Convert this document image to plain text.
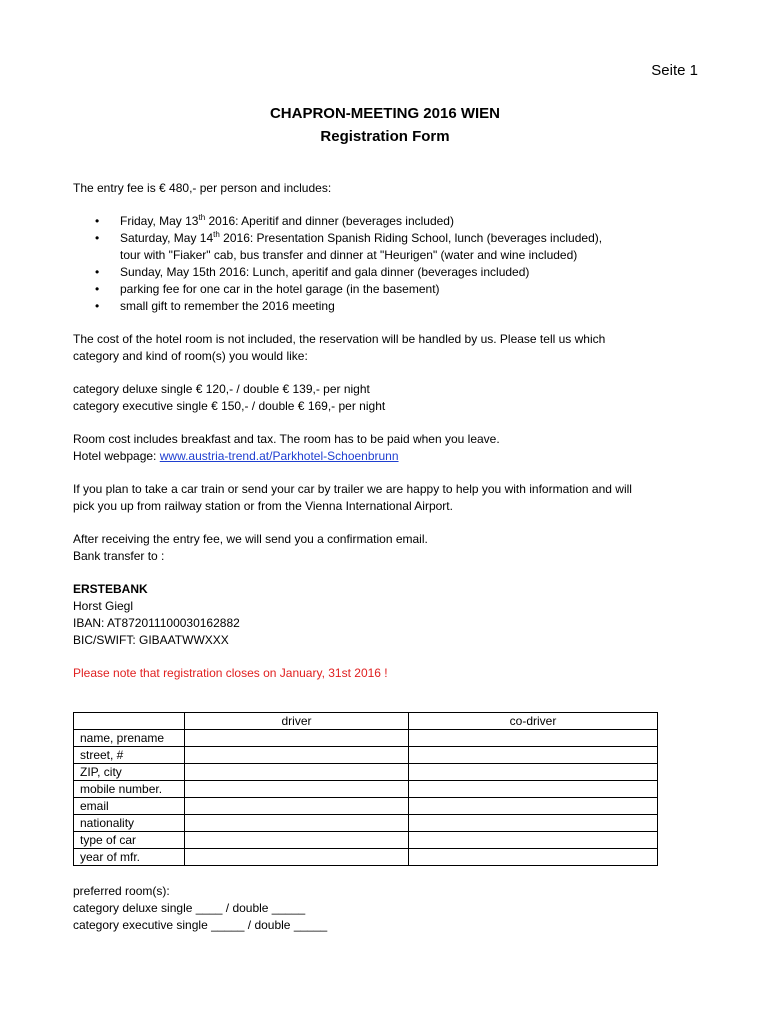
Seite 1
CHAPRON-MEETING 2016 WIEN
Registration Form

The entry fee is € 480,- per person and includes:

• Friday, May 13th 2016: Aperitif and dinner (beverages included)
• Saturday, May 14th 2016: Presentation Spanish Riding School, lunch (beverages included),
tour with "Fiaker" cab, bus transfer and dinner at "Heurigen" (water and wine included)
• Sunday, May 15th 2016: Lunch, aperitif and gala dinner (beverages included)
• parking fee for one car in the hotel garage (in the basement)
• small gift to remember the 2016 meeting

The cost of the hotel room is not included, the reservation will be handled by us. Please tell us which
category and kind of room(s) you would like:

category deluxe single € 120,- / double € 139,- per night

category executive single € 150,- / double € 169,- per night

Room cost includes breakfast and tax. The room has to be paid when you leave.

Hotel webpage: www.austria-trend.at/Parkhotel-Schoenbrunn

If you plan to take a car train or send your car by trailer we are happy to help you with information and will
pick you up from railway station or from the Vienna International Airport.

After receiving the entry fee, we will send you a confirmation email.

Bank transfer to :

ERSTEBANK

Horst Giegl

IBAN: AT872011100030162882

BIC/SWIFT: GIBAATWWXXX

Please note that registration closes on January, 31st 2016 !

	driver	co-driver
name, prename		
street, #		
ZIP, city		
mobile number.		
email		
nationality		
type of car		
year of mfr.		

preferred room(s):

category deluxe single ____ / double _____

category executive single _____ / double _____
